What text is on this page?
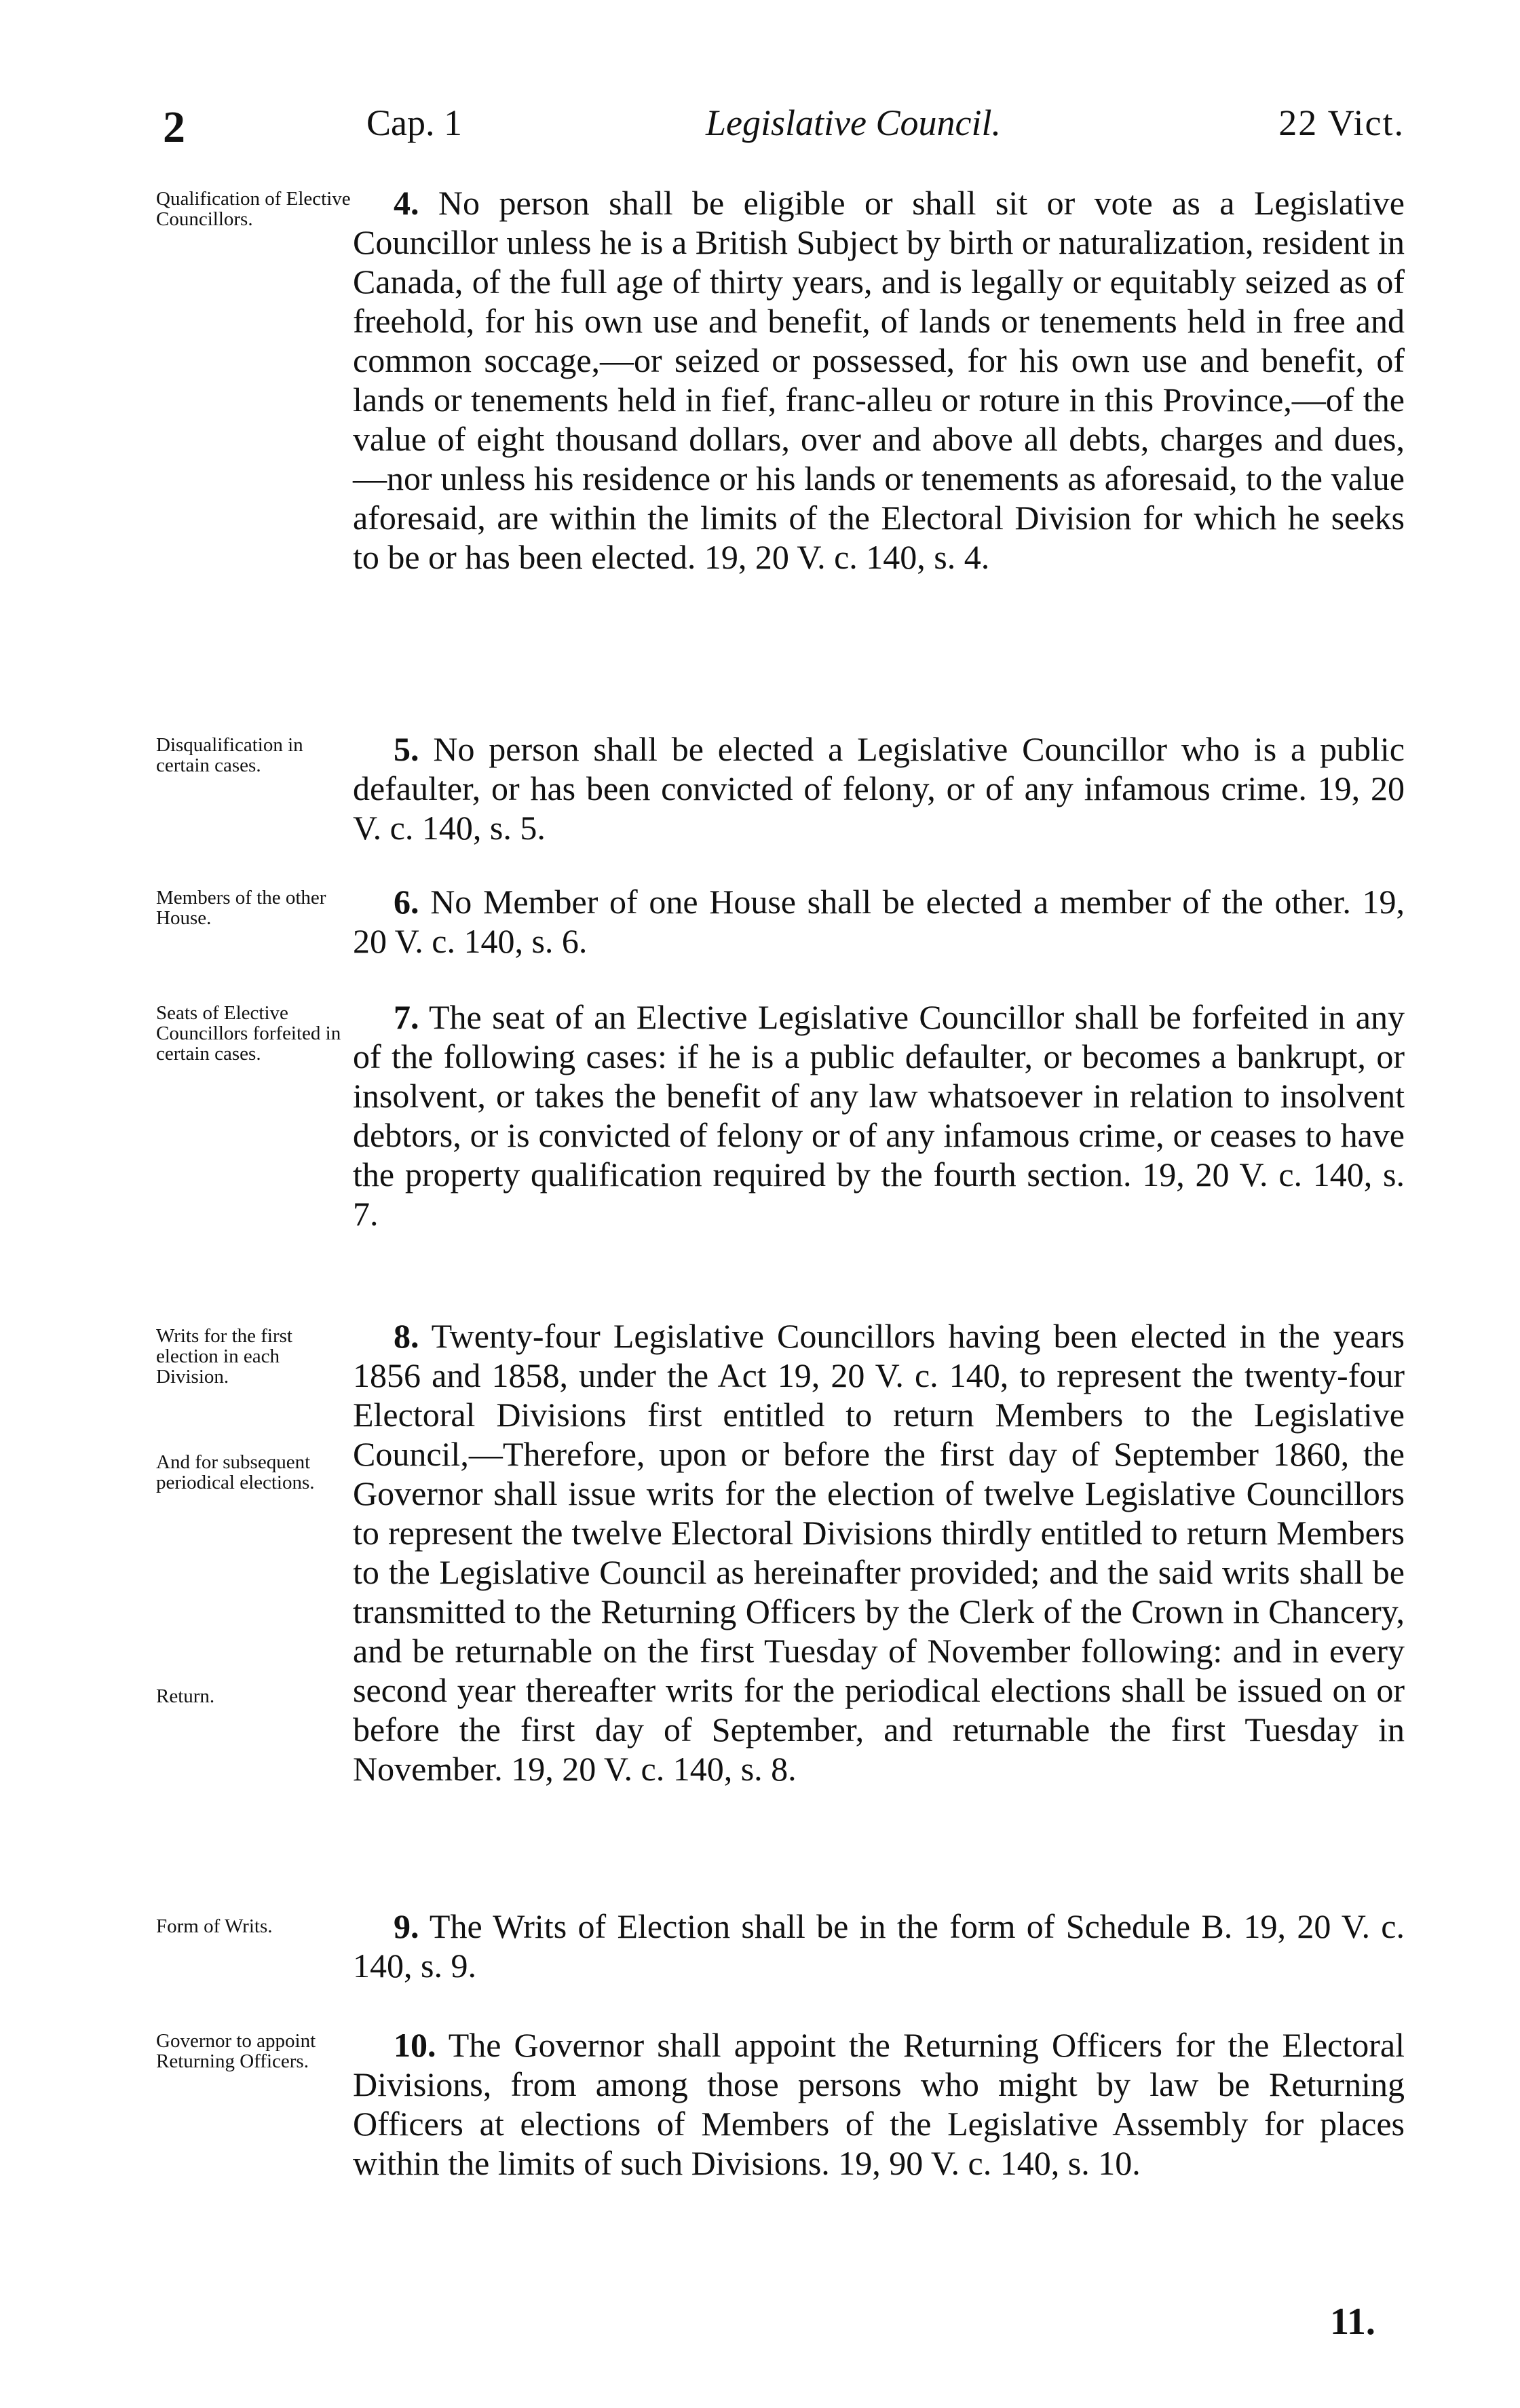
2	Cap. 1	Legislative Council.	22 Vict.
Qualification of Elective Councillors.	4. No person shall be eligible or shall sit or vote as a Legislative Councillor unless he is a British Subject by birth or naturalization, resident in Canada, of the full age of thirty years, and is legally or equitably seized as of freehold, for his own use and benefit, of lands or tenements held in free and common soccage,—or seized or possessed, for his own use and benefit, of lands or tenements held in fief, franc-alleu or roture in this Province,—of the value of eight thousand dollars, over and above all debts, charges and dues,—nor unless his residence or his lands or tenements as aforesaid, to the value aforesaid, are within the limits of the Electoral Division for which he seeks to be or has been elected. 19, 20 V. c. 140, s. 4.
Disqualification in certain cases.	5. No person shall be elected a Legislative Councillor who is a public defaulter, or has been convicted of felony, or of any infamous crime. 19, 20 V. c. 140, s. 5.
Members of the other House.	6. No Member of one House shall be elected a member of the other. 19, 20 V. c. 140, s. 6.
Seats of Elective Councillors forfeited in certain cases.
7. The seat of an Elective Legislative Councillor shall be forfeited in any of the following cases: if he is a public defaulter, or becomes a bankrupt, or insolvent, or takes the benefit of any law whatsoever in relation to insolvent debtors, or is convicted of felony or of any infamous crime, or ceases to have the property qualification required by the fourth section. 19, 20 V. c. 140, s. 7.
Writs for the first election in each Division.
And for subsequent periodical elections.
Return.
8. Twenty-four Legislative Councillors having been elected in the years 1856 and 1858, under the Act 19, 20 V. c. 140, to represent the twenty-four Electoral Divisions first entitled to return Members to the Legislative Council,—Therefore, upon or before the first day of September 1860, the Governor shall issue writs for the election of twelve Legislative Councillors to represent the twelve Electoral Divisions thirdly entitled to return Members to the Legislative Council as hereinafter provided; and the said writs shall be transmitted to the Returning Officers by the Clerk of the Crown in Chancery, and be returnable on the first Tuesday of November following: and in every second year thereafter writs for the periodical elections shall be issued on or before the first day of September, and returnable the first Tuesday in November. 19, 20 V. c. 140, s. 8.
Form of Writs.	9. The Writs of Election shall be in the form of Schedule B. 19, 20 V. c. 140, s. 9.
Governor to appoint Returning Officers.	10. The Governor shall appoint the Returning Officers for the Electoral Divisions, from among those persons who might by law be Returning Officers at elections of Members of the Legislative Assembly for places within the limits of such Divisions. 19, 90 V. c. 140, s. 10.
11.
